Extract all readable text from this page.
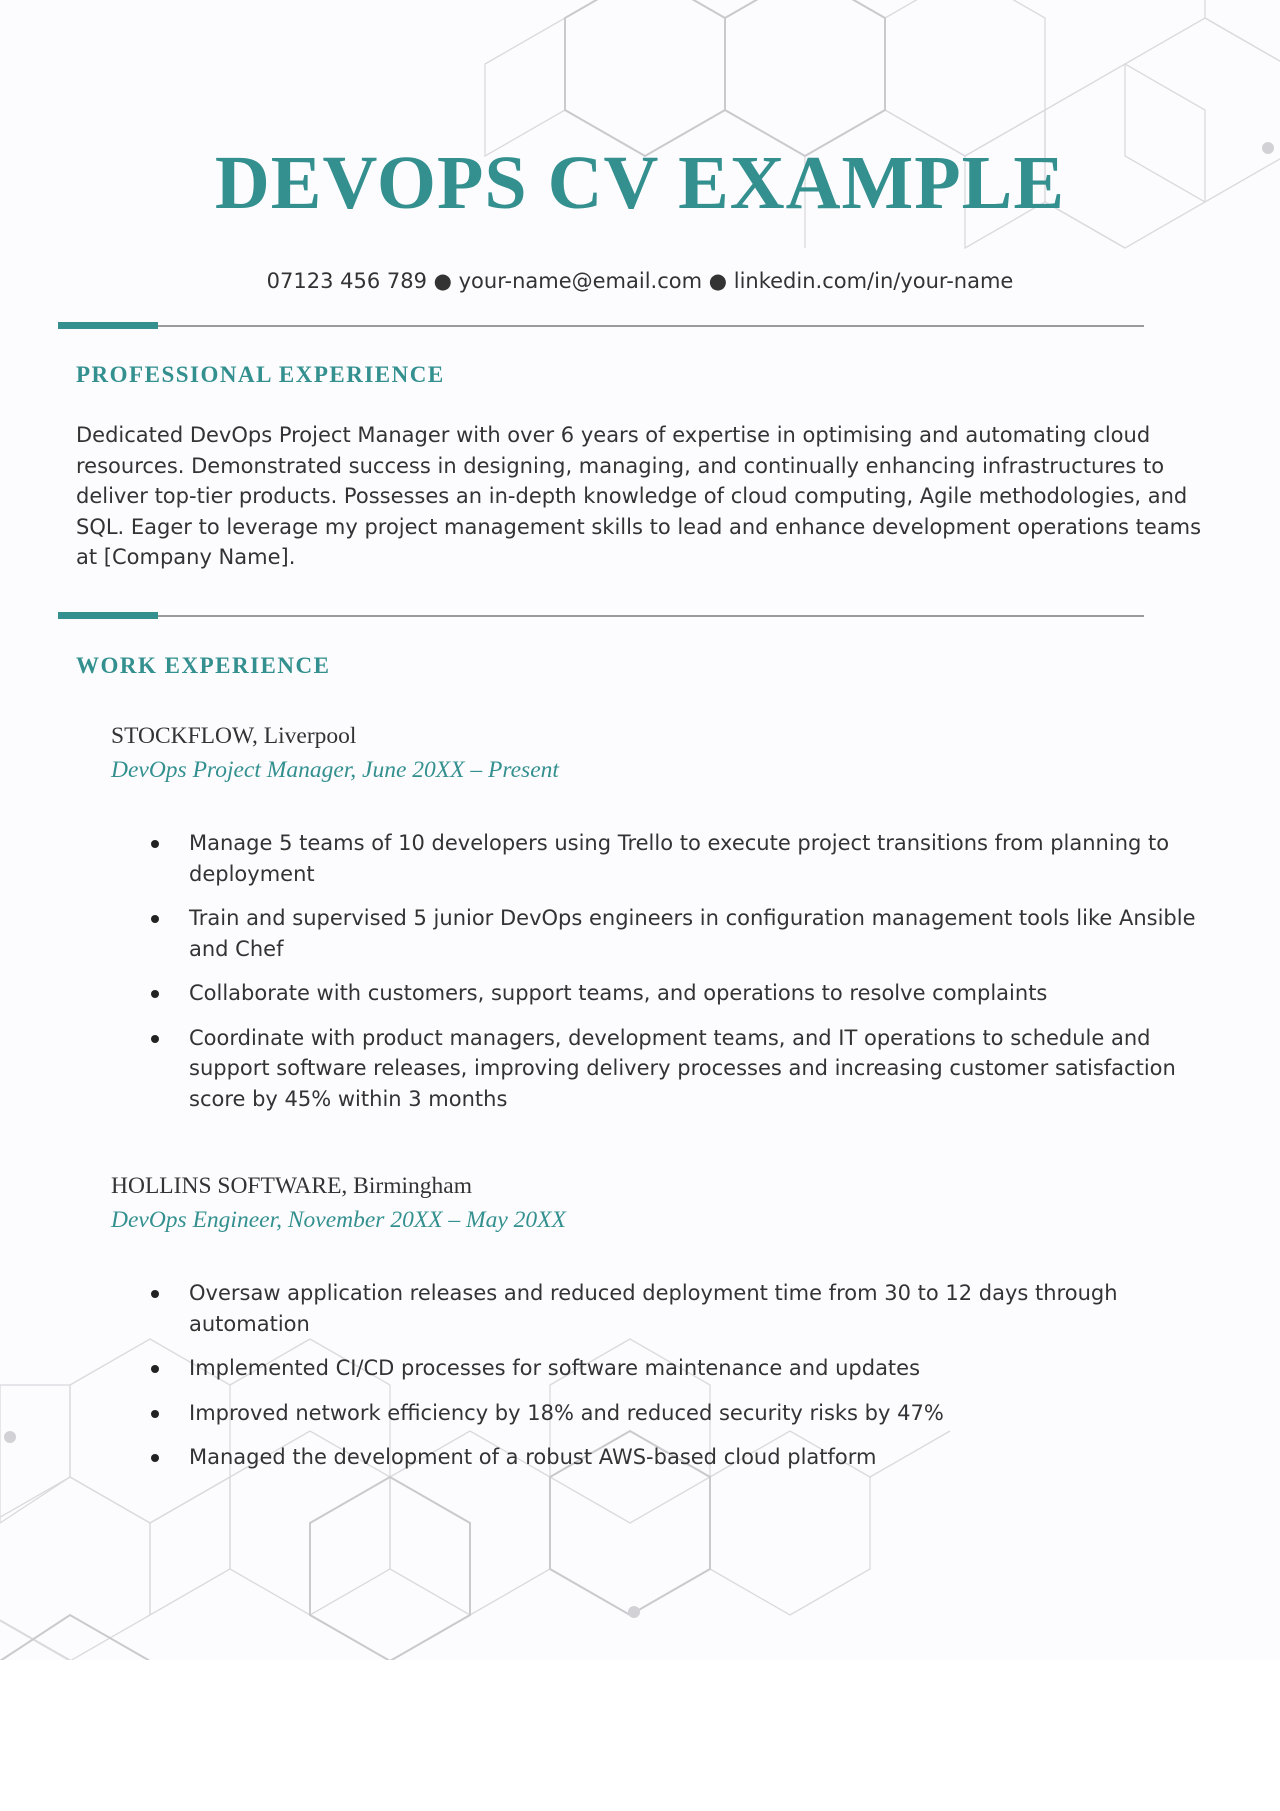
DEVOPS CV EXAMPLE
07123 456 789 ● your-name@email.com ● linkedin.com/in/your-name
PROFESSIONAL EXPERIENCE

Dedicated DevOps Project Manager with over 6 years of expertise in optimising and automating cloud resources. Demonstrated success in designing, managing, and continually enhancing infrastructures to deliver top-tier products. Possesses an in-depth knowledge of cloud computing, Agile methodologies, and SQL. Eager to leverage my project management skills to lead and enhance development operations teams at [Company Name].

WORK EXPERIENCE

STOCKFLOW, Liverpool

DevOps Project Manager, June 20XX – Present

Manage 5 teams of 10 developers using Trello to execute project transitions from planning to deployment
Train and supervised 5 junior DevOps engineers in configuration management tools like Ansible and Chef
Collaborate with customers, support teams, and operations to resolve complaints
Coordinate with product managers, development teams, and IT operations to schedule and support software releases, improving delivery processes and increasing customer satisfaction score by 45% within 3 months

HOLLINS SOFTWARE, Birmingham

DevOps Engineer, November 20XX – May 20XX

Oversaw application releases and reduced deployment time from 30 to 12 days through automation
Implemented CI/CD processes for software maintenance and updates
Improved network efficiency by 18% and reduced security risks by 47%
Managed the development of a robust AWS-based cloud platform
